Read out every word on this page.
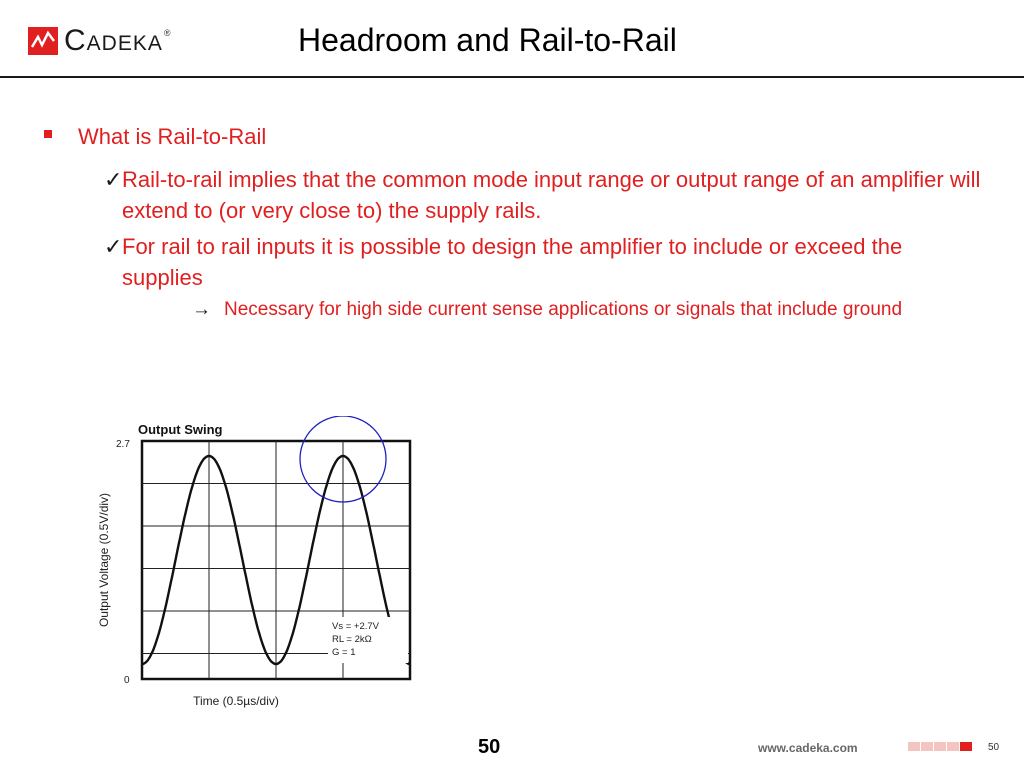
Cadeka ®	Headroom and Rail-to-Rail
What is Rail-to-Rail
✓ Rail-to-rail implies that the common mode input range or output range of an amplifier will extend to (or very close to) the supply rails.
✓ For rail to rail inputs it is possible to design the amplifier to include or exceed the supplies
→ Necessary for high side current sense applications or signals that include ground
Output Swing
2.7
0
Output Voltage (0.5V/div)
Time (0.5µs/div)
Vs = +2.7V
RL = 2kΩ
G = 1
50	www.cadeka.com	50
